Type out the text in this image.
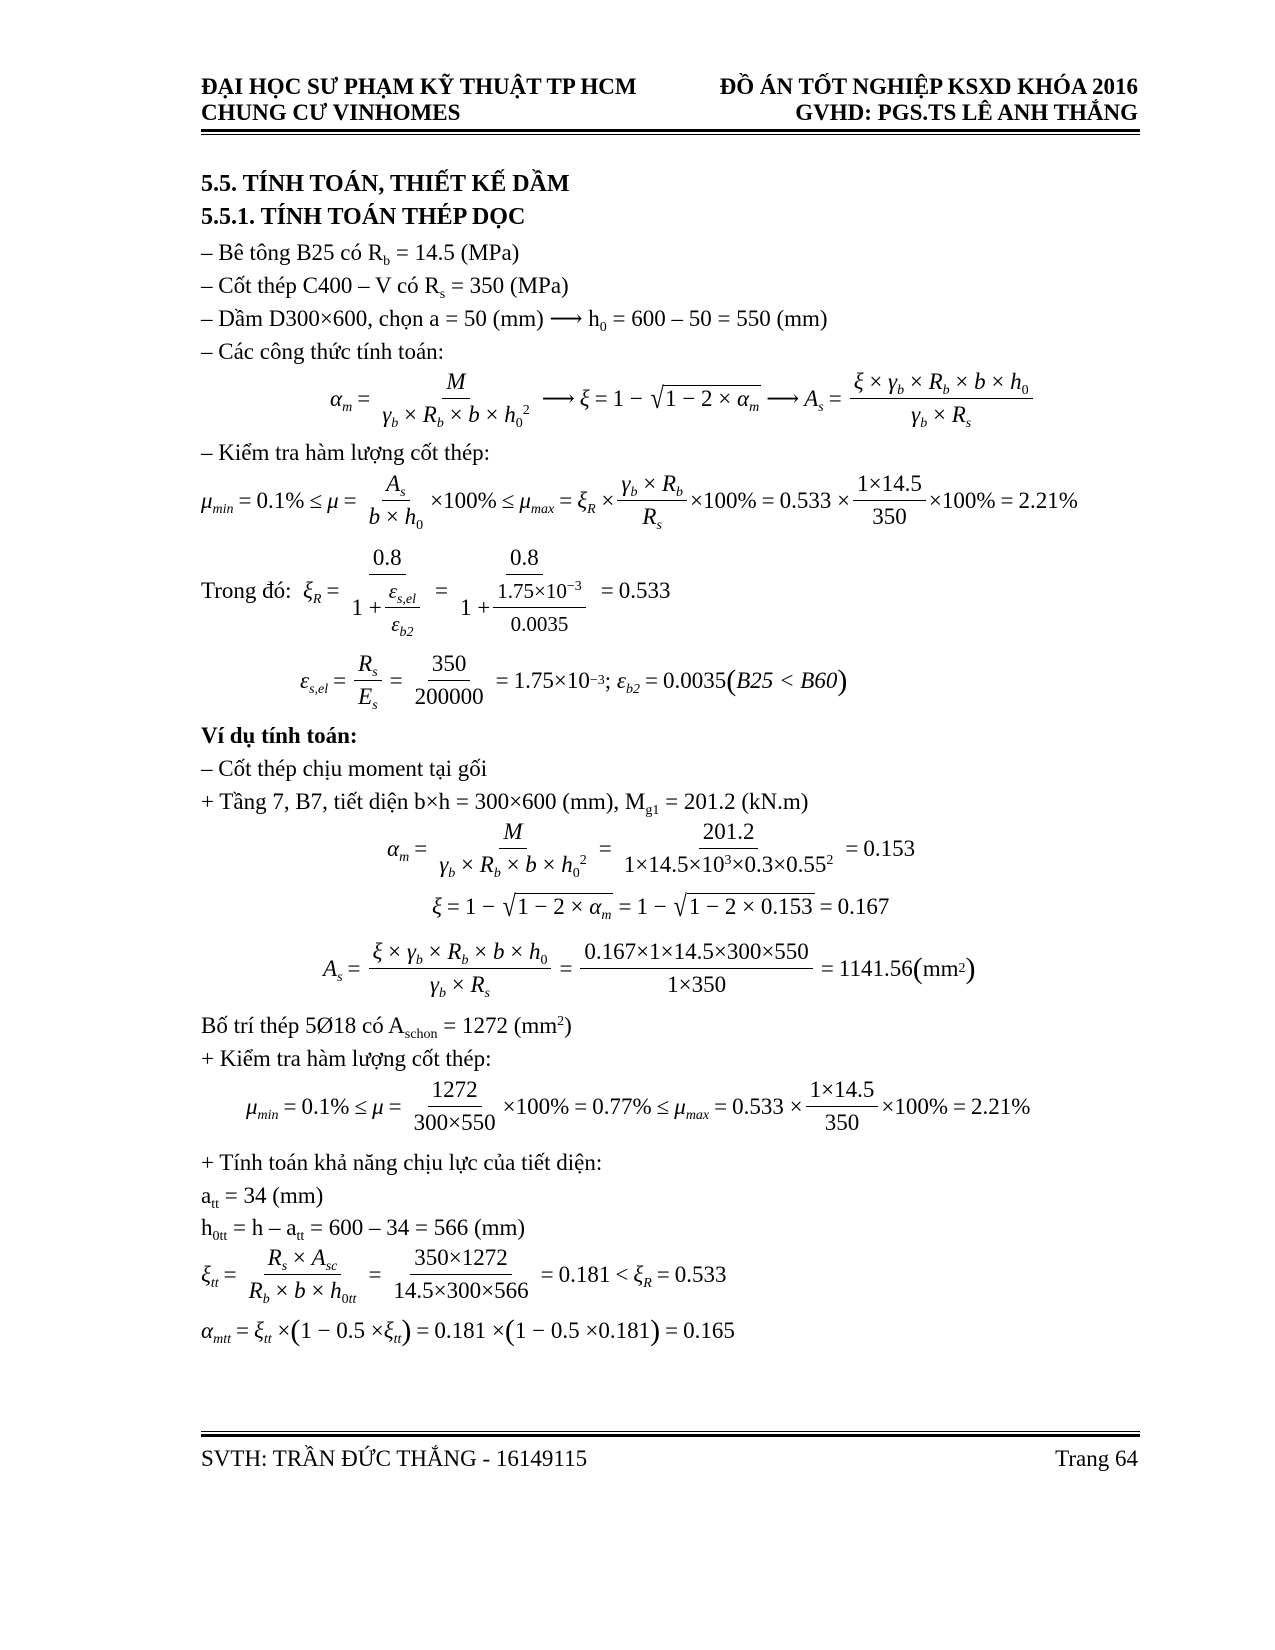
ĐẠI HỌC SƯ PHẠM KỸ THUẬT TP HCM
CHUNG CƯ VINHOMES
ĐỒ ÁN TỐT NGHIỆP KSXD KHÓA 2016
GVHD: PGS.TS LÊ ANH THẮNG
5.5. TÍNH TOÁN, THIẾT KẾ DẦM
5.5.1. TÍNH TOÁN THÉP DỌC
– Bê tông B25 có $R_b = 14.5$ (MPa)
– Cốt thép C400 – V có $R_s = 350$ (MPa)
– Dầm D300×600, chọn a = 50 (mm) ⟶ $h_0 = 600 - 50 = 550$ (mm)
– Các công thức tính toán:
$\alpha_m = \frac{M}{\gamma_b \times R_b \times b \times h_0^2}$ ⟶ ξ = 1 − √ $1 - 2 \times \alpha_m$ ⟶ $A_s = \frac{\xi \times \gamma_b \times R_b \times b \times h_0}{\gamma_b \times R_s}$
– Kiểm tra hàm lượng cốt thép:
$\mu_{min} = 0.1\% \le \mu = \frac{A_s}{b \times h_0} \times 100\% \le \mu_{max} = \xi_R \times \frac{\gamma_b \times R_b}{R_s} \times 100\% = 0.533 \times \frac{1\times 14.5}{350} \times 100\% = 2.21\%$
Trong đó:
$\xi_R = \frac{0.8}{1 + \frac{\varepsilon_{s,el}}{\varepsilon_{b2}}} = \frac{0.8}{1 + \frac{1.75\times 10^{-3}}{0.0035}} = 0.533$
$\varepsilon_{s,el} = \frac{R_s}{E_s} = \frac{350}{200000} = 1.75\times 10 -3$ ; $\varepsilon_{b2} = 0.0035$ ( B25 < B60 )
Ví dụ tính toán:
– Cốt thép chịu moment tại gối
+ Tầng 7, B7, tiết diện b×h = 300×600 (mm), $M_{g1} = 201.2$ (kN.m)
$\alpha_m = \frac{M}{\gamma_b \times R_b \times b \times h_0^2} = \frac{201.2}{1\times 14.5\times 10^3\times 0.3\times 0.55^2} = 0.153$
ξ = 1 − √ $1 - 2 \times \alpha_m = 1$ − √ 1 − 2 × 0.153 = 0.167
$A_s = \frac{\xi \times \gamma_b \times R_b \times b \times h_0}{\gamma_b \times R_s} = \frac{0.167\times 1\times 14.5\times 300\times 550}{1\times 350} = 1141.56$ ( mm 2 )
Bố trí thép 5Ø18 có $A_{schon} = 1272$ $(mm^2)$
+ Kiểm tra hàm lượng cốt thép:
$\mu_{min} = 0.1\% \le \mu = \frac{1272}{300\times 550} \times 100\% = 0.77\% \le \mu_{max} = 0.533 \times \frac{1\times 14.5}{350} \times 100\% = 2.21\%$
+ Tính toán khả năng chịu lực của tiết diện:
$a_{tt} = 34$ (mm)
$h_{0tt} = h - a_{tt} = 600 - 34 = 566$ (mm)
$\xi_{tt} = \frac{R_s \times A_{sc}}{R_b \times b \times h_{0tt}} = \frac{350\times 1272}{14.5\times 300\times 566} = 0.181 < \xi_R = 0.533$
$\alpha_{mtt} = \xi_{tt}$ × ( $1 - 0.5 \times \xi_{tt}$ ) = 0.181 × ( 1 − 0.5 × 0.181 ) = 0.165
SVTH: TRẦN ĐỨC THẮNG - 16149115	Trang 64
